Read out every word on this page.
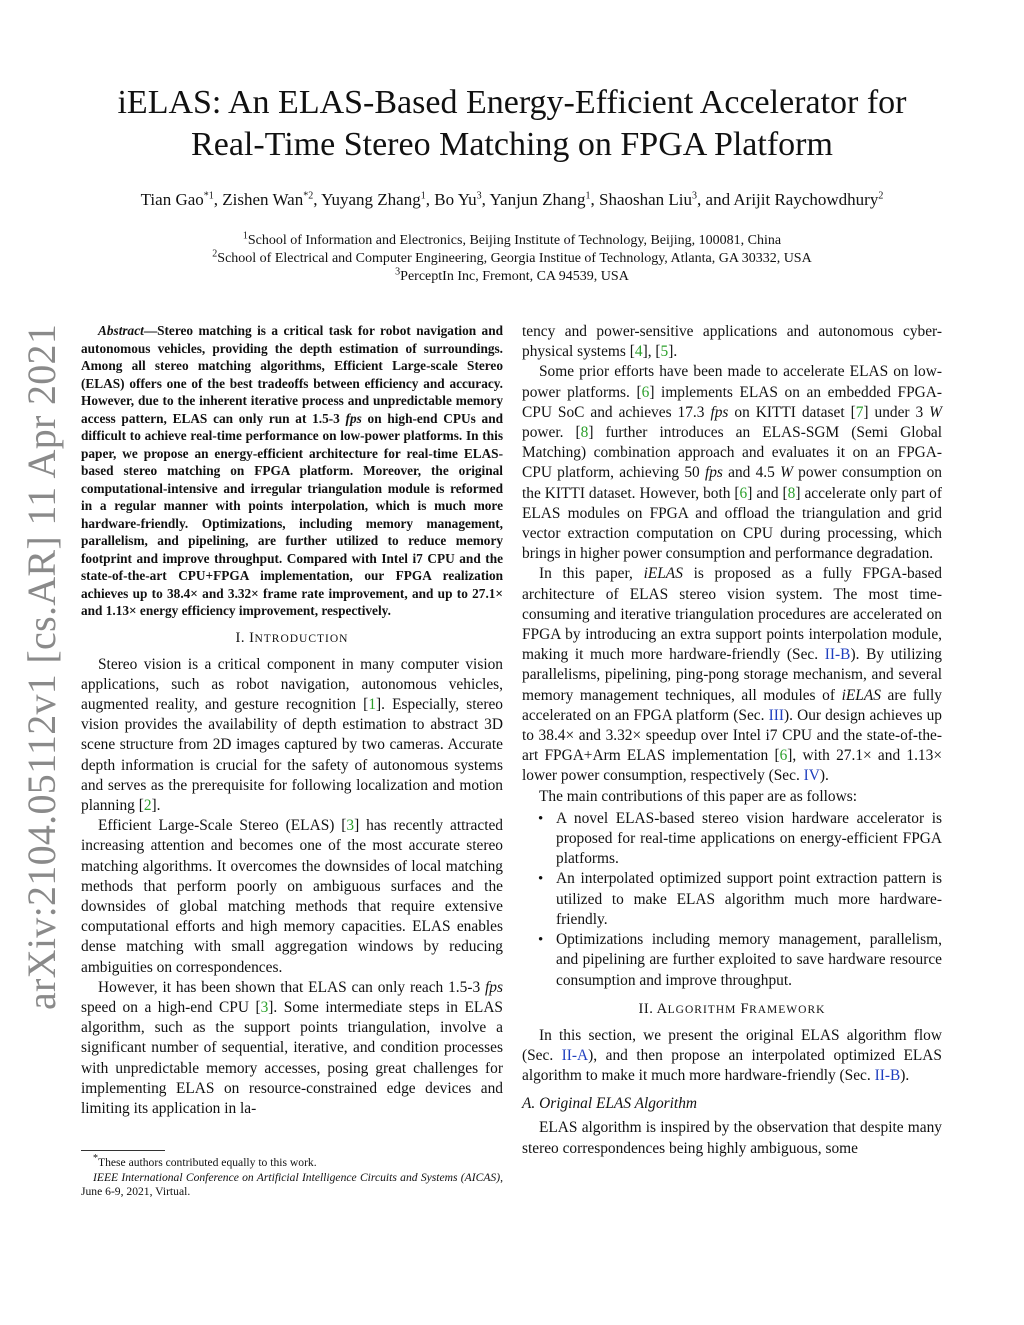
arXiv:2104.05112v1 [cs.AR] 11 Apr 2021
iELAS: An ELAS-Based Energy-Efficient Accelerator for
Real-Time Stereo Matching on FPGA Platform
Tian Gao$^{*1}$, Zishen Wan$^{*2}$, Yuyang Zhang$^1$, Bo Yu$^3$, Yanjun Zhang$^1$, Shaoshan Liu$^3$, and Arijit Raychowdhury$^2$
$^1$School of Information and Electronics, Beijing Institute of Technology, Beijing, 100081, China
$^2$School of Electrical and Computer Engineering, Georgia Institue of Technology, Atlanta, GA 30332, USA
$^3$PerceptIn Inc, Fremont, CA 94539, USA

Abstract—Stereo matching is a critical task for robot navigation and autonomous vehicles, providing the depth estimation of surroundings. Among all stereo matching algorithms, Efficient Large-scale Stereo (ELAS) offers one of the best tradeoffs between efficiency and accuracy. However, due to the inherent iterative process and unpredictable memory access pattern, ELAS can only run at 1.5-3 fps on high-end CPUs and difficult to achieve real-time performance on low-power platforms. In this paper, we propose an energy-efficient architecture for real-time ELAS-based stereo matching on FPGA platform. Moreover, the original computational-intensive and irregular triangulation module is reformed in a regular manner with points interpolation, which is much more hardware-friendly. Optimizations, including memory management, parallelism, and pipelining, are further utilized to reduce memory footprint and improve throughput. Compared with Intel i7 CPU and the state-of-the-art CPU+FPGA implementation, our FPGA realization achieves up to 38.4× and 3.32× frame rate improvement, and up to 27.1× and 1.13× energy efficiency improvement, respectively.

I. INTRODUCTION

Stereo vision is a critical component in many computer vision applications, such as robot navigation, autonomous vehicles, augmented reality, and gesture recognition [1]. Especially, stereo vision provides the availability of depth estimation to abstract 3D scene structure from 2D images captured by two cameras. Accurate depth information is crucial for the safety of autonomous systems and serves as the prerequisite for following localization and motion planning [2].

Efficient Large-Scale Stereo (ELAS) [3] has recently attracted increasing attention and becomes one of the most accurate stereo matching algorithms. It overcomes the downsides of local matching methods that perform poorly on ambiguous surfaces and the downsides of global matching methods that require extensive computational efforts and high memory capacities. ELAS enables dense matching with small aggregation windows by reducing ambiguities on correspondences.

However, it has been shown that ELAS can only reach 1.5-3 fps speed on a high-end CPU [3]. Some intermediate steps in ELAS algorithm, such as the support points triangulation, involve a significant number of sequential, iterative, and condition processes with unpredictable memory accesses, posing great challenges for implementing ELAS on resource-constrained edge devices and limiting its application in la-

*These authors contributed equally to this work.

IEEE International Conference on Artificial Intelligence Circuits and Systems (AICAS), June 6-9, 2021, Virtual.

tency and power-sensitive applications and autonomous cyber-physical systems [4], [5].

Some prior efforts have been made to accelerate ELAS on low-power platforms. [6] implements ELAS on an embedded FPGA-CPU SoC and achieves 17.3 fps on KITTI dataset [7] under 3 W power. [8] further introduces an ELAS-SGM (Semi Global Matching) combination approach and evaluates it on an FPGA-CPU platform, achieving 50 fps and 4.5 W power consumption on the KITTI dataset. However, both [6] and [8] accelerate only part of ELAS modules on FPGA and offload the triangulation and grid vector extraction computation on CPU during processing, which brings in higher power consumption and performance degradation.

In this paper, iELAS is proposed as a fully FPGA-based architecture of ELAS stereo vision system. The most time-consuming and iterative triangulation procedures are accelerated on FPGA by introducing an extra support points interpolation module, making it much more hardware-friendly (Sec. II-B). By utilizing parallelisms, pipelining, ping-pong storage mechanism, and several memory management techniques, all modules of iELAS are fully accelerated on an FPGA platform (Sec. III). Our design achieves up to 38.4× and 3.32× speedup over Intel i7 CPU and the state-of-the-art FPGA+Arm ELAS implementation [6], with 27.1× and 1.13× lower power consumption, respectively (Sec. IV).

The main contributions of this paper are as follows:

• A novel ELAS-based stereo vision hardware accelerator is proposed for real-time applications on energy-efficient FPGA platforms.
• An interpolated optimized support point extraction pattern is utilized to make ELAS algorithm much more hardware-friendly.
• Optimizations including memory management, parallelism, and pipelining are further exploited to save hardware resource consumption and improve throughput.
II. ALGORITHM FRAMEWORK

In this section, we present the original ELAS algorithm flow (Sec. II-A), and then propose an interpolated optimized ELAS algorithm to make it much more hardware-friendly (Sec. II-B).

A. Original ELAS Algorithm

ELAS algorithm is inspired by the observation that despite many stereo correspondences being highly ambiguous, some
